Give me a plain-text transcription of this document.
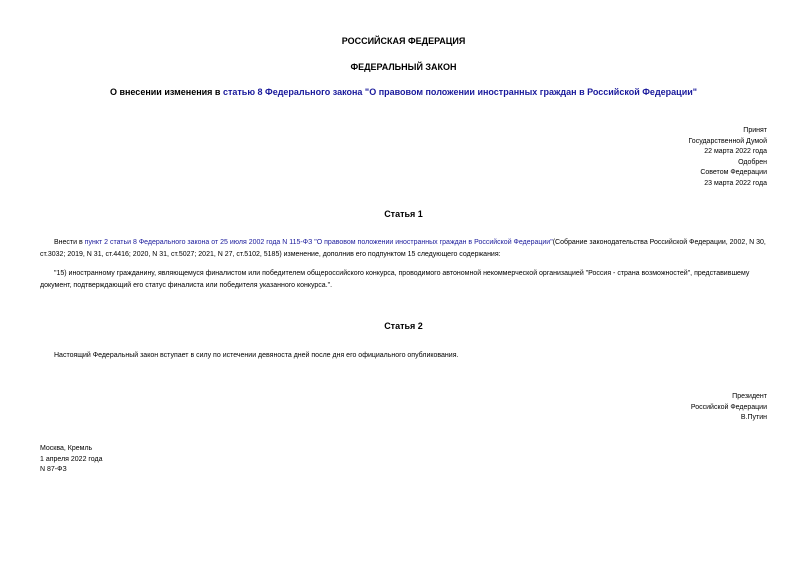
РОССИЙСКАЯ ФЕДЕРАЦИЯ
ФЕДЕРАЛЬНЫЙ ЗАКОН
О внесении изменения в статью 8 Федерального закона "О правовом положении иностранных граждан в Российской Федерации"
Принят
Государственной Думой
22 марта 2022 года
Одобрен
Советом Федерации
23 марта 2022 года
Статья 1
Внести в пункт 2 статьи 8 Федерального закона от 25 июля 2002 года N 115-ФЗ "О правовом положении иностранных граждан в Российской Федерации"(Собрание законодательства Российской Федерации, 2002, N 30, ст.3032; 2019, N 31, ст.4416; 2020, N 31, ст.5027; 2021, N 27, ст.5102, 5185) изменение, дополнив его подпунктом 15 следующего содержания:
"15) иностранному гражданину, являющемуся финалистом или победителем общероссийского конкурса, проводимого автономной некоммерческой организацией "Россия - страна возможностей", представившему документ, подтверждающий его статус финалиста или победителя указанного конкурса.".
Статья 2
Настоящий Федеральный закон вступает в силу по истечении девяноста дней после дня его официального опубликования.
Президент
Российской Федерации
В.Путин
Москва, Кремль
1 апреля 2022 года
N 87-ФЗ
